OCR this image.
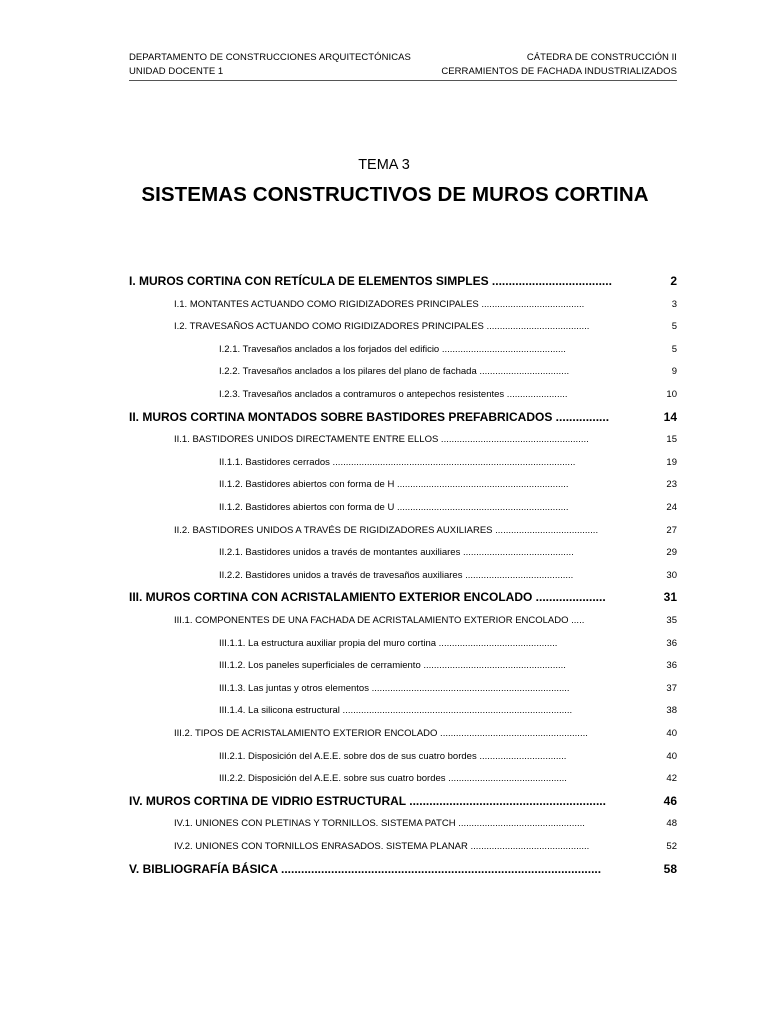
DEPARTAMENTO DE CONSTRUCCIONES ARQUITECTÓNICAS	CÁTEDRA DE CONSTRUCCIÓN II
UNIDAD DOCENTE 1	CERRAMIENTOS DE FACHADA INDUSTRIALIZADOS
TEMA 3
SISTEMAS CONSTRUCTIVOS DE MUROS CORTINA
I. MUROS CORTINA CON RETÍCULA DE ELEMENTOS SIMPLES ....................................	2
I.1. MONTANTES ACTUANDO COMO RIGIDIZADORES PRINCIPALES .......................................	3
I.2. TRAVESAÑOS ACTUANDO COMO RIGIDIZADORES PRINCIPALES .......................................	5
I.2.1. Travesaños anclados a los forjados del edificio ...............................................	5
I.2.2. Travesaños anclados a los pilares del plano de fachada ..................................	9
I.2.3. Travesaños anclados a contramuros o antepechos resistentes .......................	10
II. MUROS CORTINA MONTADOS SOBRE BASTIDORES PREFABRICADOS ................	14
II.1. BASTIDORES UNIDOS DIRECTAMENTE ENTRE ELLOS ........................................................	15
II.1.1. Bastidores cerrados ............................................................................................	19
II.1.2. Bastidores abiertos con forma de H .................................................................	23
II.1.2. Bastidores abiertos con forma de U .................................................................	24
II.2. BASTIDORES UNIDOS A TRAVÉS DE RIGIDIZADORES AUXILIARES .......................................	27
II.2.1. Bastidores unidos a través de montantes auxiliares ..........................................	29
II.2.2. Bastidores unidos a través de travesaños auxiliares .........................................	30
III. MUROS CORTINA CON ACRISTALAMIENTO EXTERIOR ENCOLADO .....................	31
III.1. COMPONENTES DE UNA FACHADA DE ACRISTALAMIENTO EXTERIOR ENCOLADO .....	35
III.1.1. La estructura auxiliar propia del muro cortina .............................................	36
III.1.2. Los paneles superficiales de cerramiento ......................................................	36
III.1.3. Las juntas y otros elementos ...........................................................................	37
III.1.4. La silicona estructural .......................................................................................	38
III.2. TIPOS DE ACRISTALAMIENTO EXTERIOR ENCOLADO ........................................................	40
III.2.1. Disposición del A.E.E. sobre dos de sus cuatro bordes .................................	40
III.2.2. Disposición del A.E.E. sobre sus cuatro bordes .............................................	42
IV. MUROS CORTINA DE VIDRIO ESTRUCTURAL ...........................................................	46
IV.1. UNIONES CON PLETINAS Y TORNILLOS. SISTEMA PATCH ................................................	48
IV.2. UNIONES CON TORNILLOS ENRASADOS. SISTEMA PLANAR .............................................	52
V. BIBLIOGRAFÍA BÁSICA ................................................................................................	58
